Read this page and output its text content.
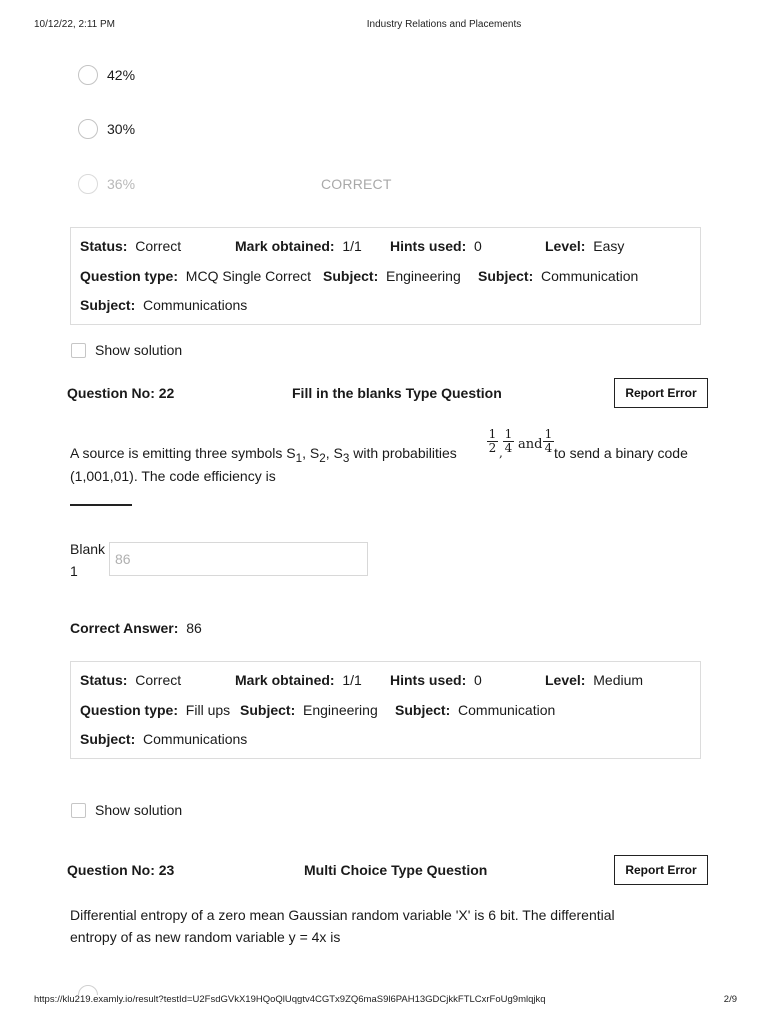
10/12/22, 2:11 PM	Industry Relations and Placements
42%
30%
36%	CORRECT
Status: Correct	Mark obtained: 1/1 Hints used: 0	Level: Easy
Question type: MCQ Single Correct Subject: Engineering Subject: Communication
Subject: Communications
Show solution
Question No: 22	Fill in the blanks Type Question	Report Error
A source is emitting three symbols $S_1$, $S_2$, $S_3$ with probabilities	$\frac{1}{2}$ , $\frac{1}{4}$ and $\frac{1}{4}$ to send a binary code
(1,001,01). The code efficiency is
Blank
1
86
Correct Answer: 86
Status: Correct	Mark obtained: 1/1 Hints used: 0	Level: Medium
Question type: Fill ups Subject: Engineering Subject: Communication
Subject: Communications
Show solution
Question No: 23	Multi Choice Type Question	Report Error
Differential entropy of a zero mean Gaussian random variable 'X' is 6 bit. The differential
entropy of as new random variable y = 4x is
https://klu219.examly.io/result?testId=U2FsdGVkX19HQoQlUqgtv4CGTx9ZQ6maS9l6PAH13GDCjkkFTLCxrFoUg9mlqjkq	2/9
